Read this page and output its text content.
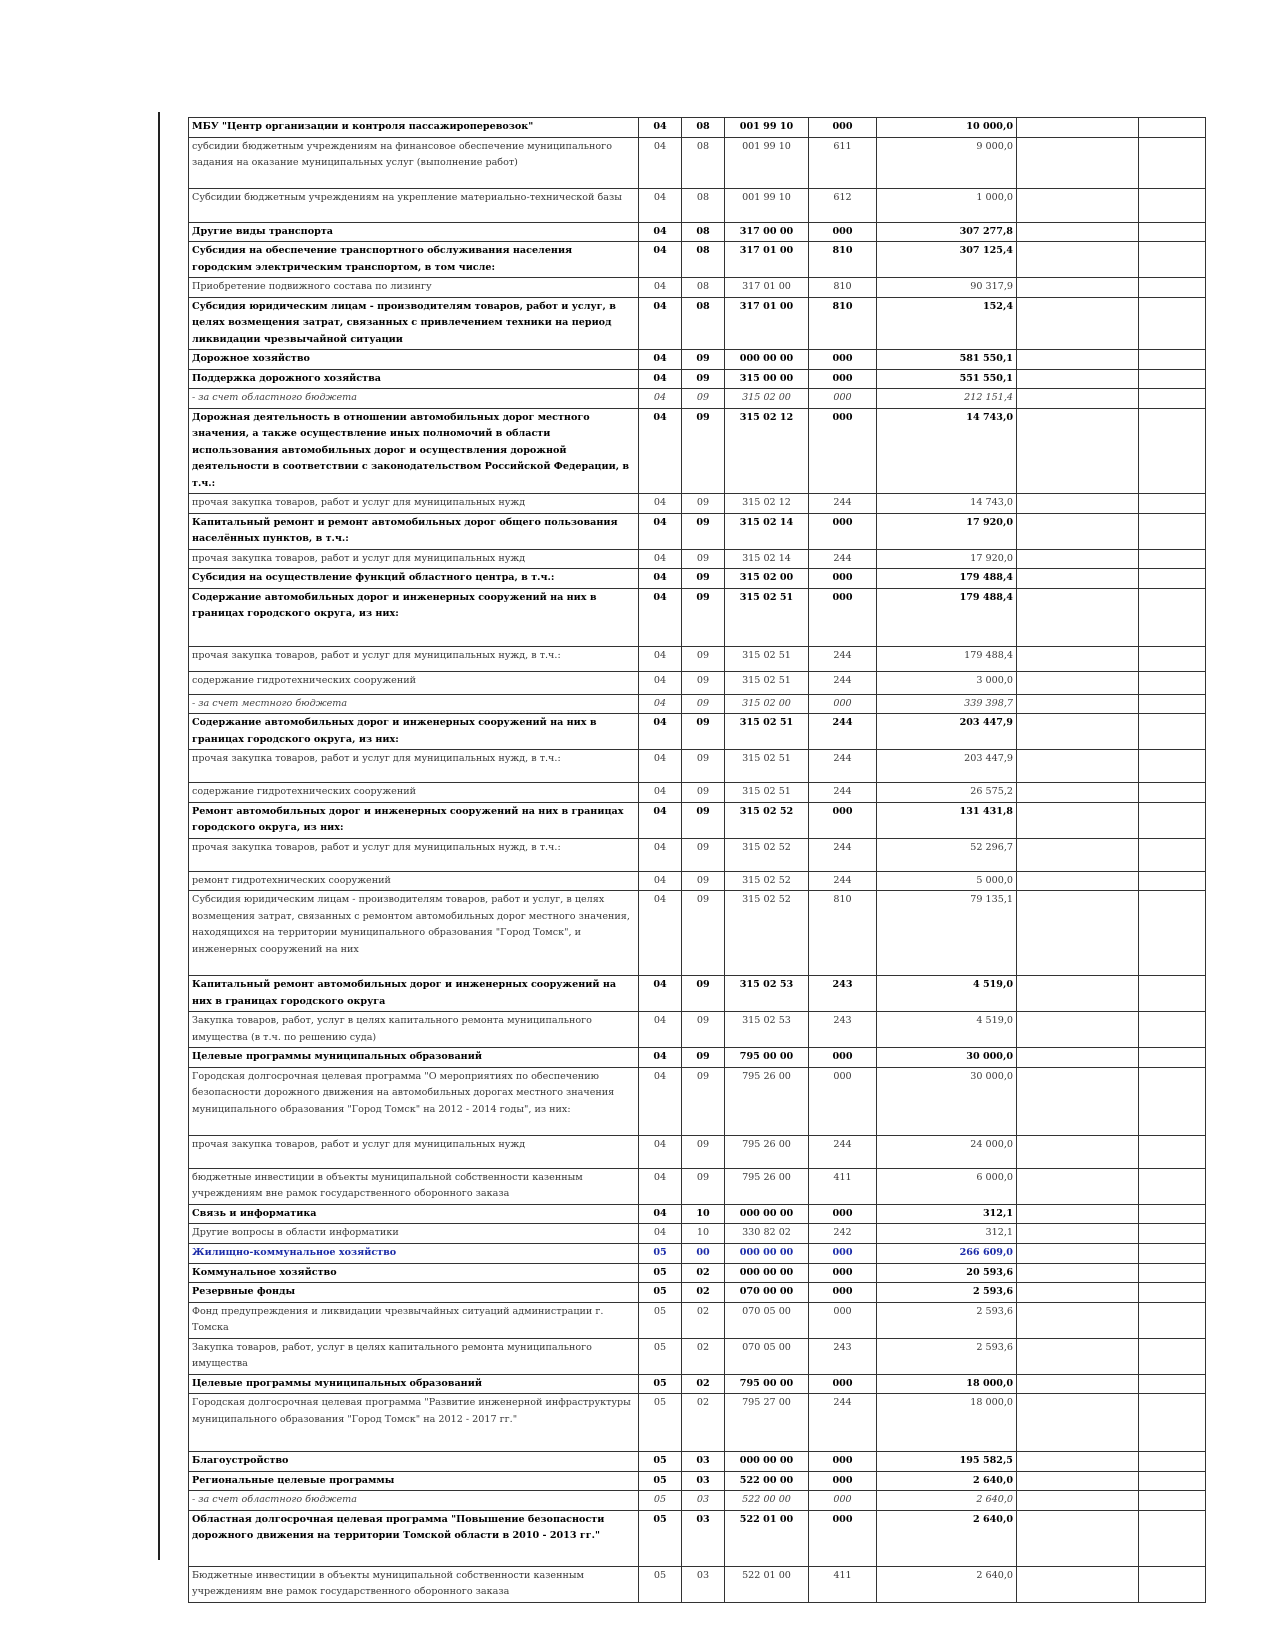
МБУ "Центр организации и контроля пассажироперевозок"	04	08	001 99 10	000	10 000,0		
субсидии бюджетным учреждениям на финансовое обеспечение муниципального задания на оказание муниципальных услуг (выполнение работ)	04	08	001 99 10	611	9 000,0		
Субсидии бюджетным учреждениям на укрепление материально-технической базы	04	08	001 99 10	612	1 000,0		
Другие виды транспорта	04	08	317 00 00	000	307 277,8		
Субсидия на обеспечение транспортного обслуживания населения городским электрическим транспортом, в том числе:	04	08	317 01 00	810	307 125,4		
Приобретение подвижного состава по лизингу	04	08	317 01 00	810	90 317,9		
Субсидия юридическим лицам - производителям товаров, работ и услуг, в целях возмещения затрат, связанных с привлечением техники на период ликвидации чрезвычайной ситуации	04	08	317 01 00	810	152,4		
Дорожное хозяйство	04	09	000 00 00	000	581 550,1		
Поддержка дорожного хозяйства	04	09	315 00 00	000	551 550,1		
- за счет областного бюджета	04	09	315 02 00	000	212 151,4		
Дорожная деятельность в отношении автомобильных дорог местного значения, а также осуществление иных полномочий в области использования автомобильных дорог и осуществления дорожной деятельности в соответствии с законодательством Российской Федерации, в т.ч.:	04	09	315 02 12	000	14 743,0		
прочая закупка товаров, работ и услуг для муниципальных нужд	04	09	315 02 12	244	14 743,0		
Капитальный ремонт и ремонт автомобильных дорог общего пользования населённых пунктов, в т.ч.:	04	09	315 02 14	000	17 920,0		
прочая закупка товаров, работ и услуг для муниципальных нужд	04	09	315 02 14	244	17 920,0		
Субсидия на осуществление функций областного центра, в т.ч.:	04	09	315 02 00	000	179 488,4		
Содержание автомобильных дорог и инженерных сооружений на них в границах городского округа, из них:	04	09	315 02 51	000	179 488,4		
прочая закупка товаров, работ и услуг для муниципальных нужд, в т.ч.:	04	09	315 02 51	244	179 488,4		
содержание гидротехнических сооружений	04	09	315 02 51	244	3 000,0		
- за счет местного бюджета	04	09	315 02 00	000	339 398,7		
Содержание автомобильных дорог и инженерных сооружений на них в границах городского округа, из них:	04	09	315 02 51	244	203 447,9		
прочая закупка товаров, работ и услуг для муниципальных нужд, в т.ч.:	04	09	315 02 51	244	203 447,9		
содержание гидротехнических сооружений	04	09	315 02 51	244	26 575,2		
Ремонт автомобильных дорог и инженерных сооружений на них в границах городского округа, из них:	04	09	315 02 52	000	131 431,8		
прочая закупка товаров, работ и услуг для муниципальных нужд, в т.ч.:	04	09	315 02 52	244	52 296,7		
ремонт гидротехнических сооружений	04	09	315 02 52	244	5 000,0		
Субсидия юридическим лицам - производителям товаров, работ и услуг, в целях возмещения затрат, связанных с ремонтом автомобильных дорог местного значения, находящихся на территории муниципального образования "Город Томск", и инженерных сооружений на них	04	09	315 02 52	810	79 135,1		
Капитальный ремонт автомобильных дорог и инженерных сооружений на них в границах городского округа	04	09	315 02 53	243	4 519,0		
Закупка товаров, работ, услуг в целях капитального ремонта муниципального имущества (в т.ч. по решению суда)	04	09	315 02 53	243	4 519,0		
Целевые программы муниципальных образований	04	09	795 00 00	000	30 000,0		
Городская долгосрочная целевая программа "О мероприятиях по обеспечению безопасности дорожного движения на автомобильных дорогах местного значения муниципального образования "Город Томск" на 2012 - 2014 годы", из них:	04	09	795 26 00	000	30 000,0		
прочая закупка товаров, работ и услуг для муниципальных нужд	04	09	795 26 00	244	24 000,0		
бюджетные инвестиции в объекты муниципальной собственности казенным учреждениям вне рамок государственного оборонного заказа	04	09	795 26 00	411	6 000,0		
Связь и информатика	04	10	000 00 00	000	312,1		
Другие вопросы в области информатики	04	10	330 82 02	242	312,1		
Жилищно-коммунальное хозяйство	05	00	000 00 00	000	266 609,0		
Коммунальное хозяйство	05	02	000 00 00	000	20 593,6		
Резервные фонды	05	02	070 00 00	000	2 593,6		
Фонд предупреждения и ликвидации чрезвычайных ситуаций администрации г. Томска	05	02	070 05 00	000	2 593,6		
Закупка товаров, работ, услуг в целях капитального ремонта муниципального имущества	05	02	070 05 00	243	2 593,6		
Целевые программы муниципальных образований	05	02	795 00 00	000	18 000,0		
Городская долгосрочная целевая программа "Развитие инженерной инфраструктуры муниципального образования "Город Томск" на 2012 - 2017 гг."	05	02	795 27 00	244	18 000,0		
Благоустройство	05	03	000 00 00	000	195 582,5		
Региональные целевые программы	05	03	522 00 00	000	2 640,0		
- за счет областного бюджета	05	03	522 00 00	000	2 640,0		
Областная долгосрочная целевая программа "Повышение безопасности дорожного движения на территории Томской области в 2010 - 2013 гг."	05	03	522 01 00	000	2 640,0		
Бюджетные инвестиции в объекты муниципальной собственности казенным учреждениям вне рамок государственного оборонного заказа	05	03	522 01 00	411	2 640,0		
